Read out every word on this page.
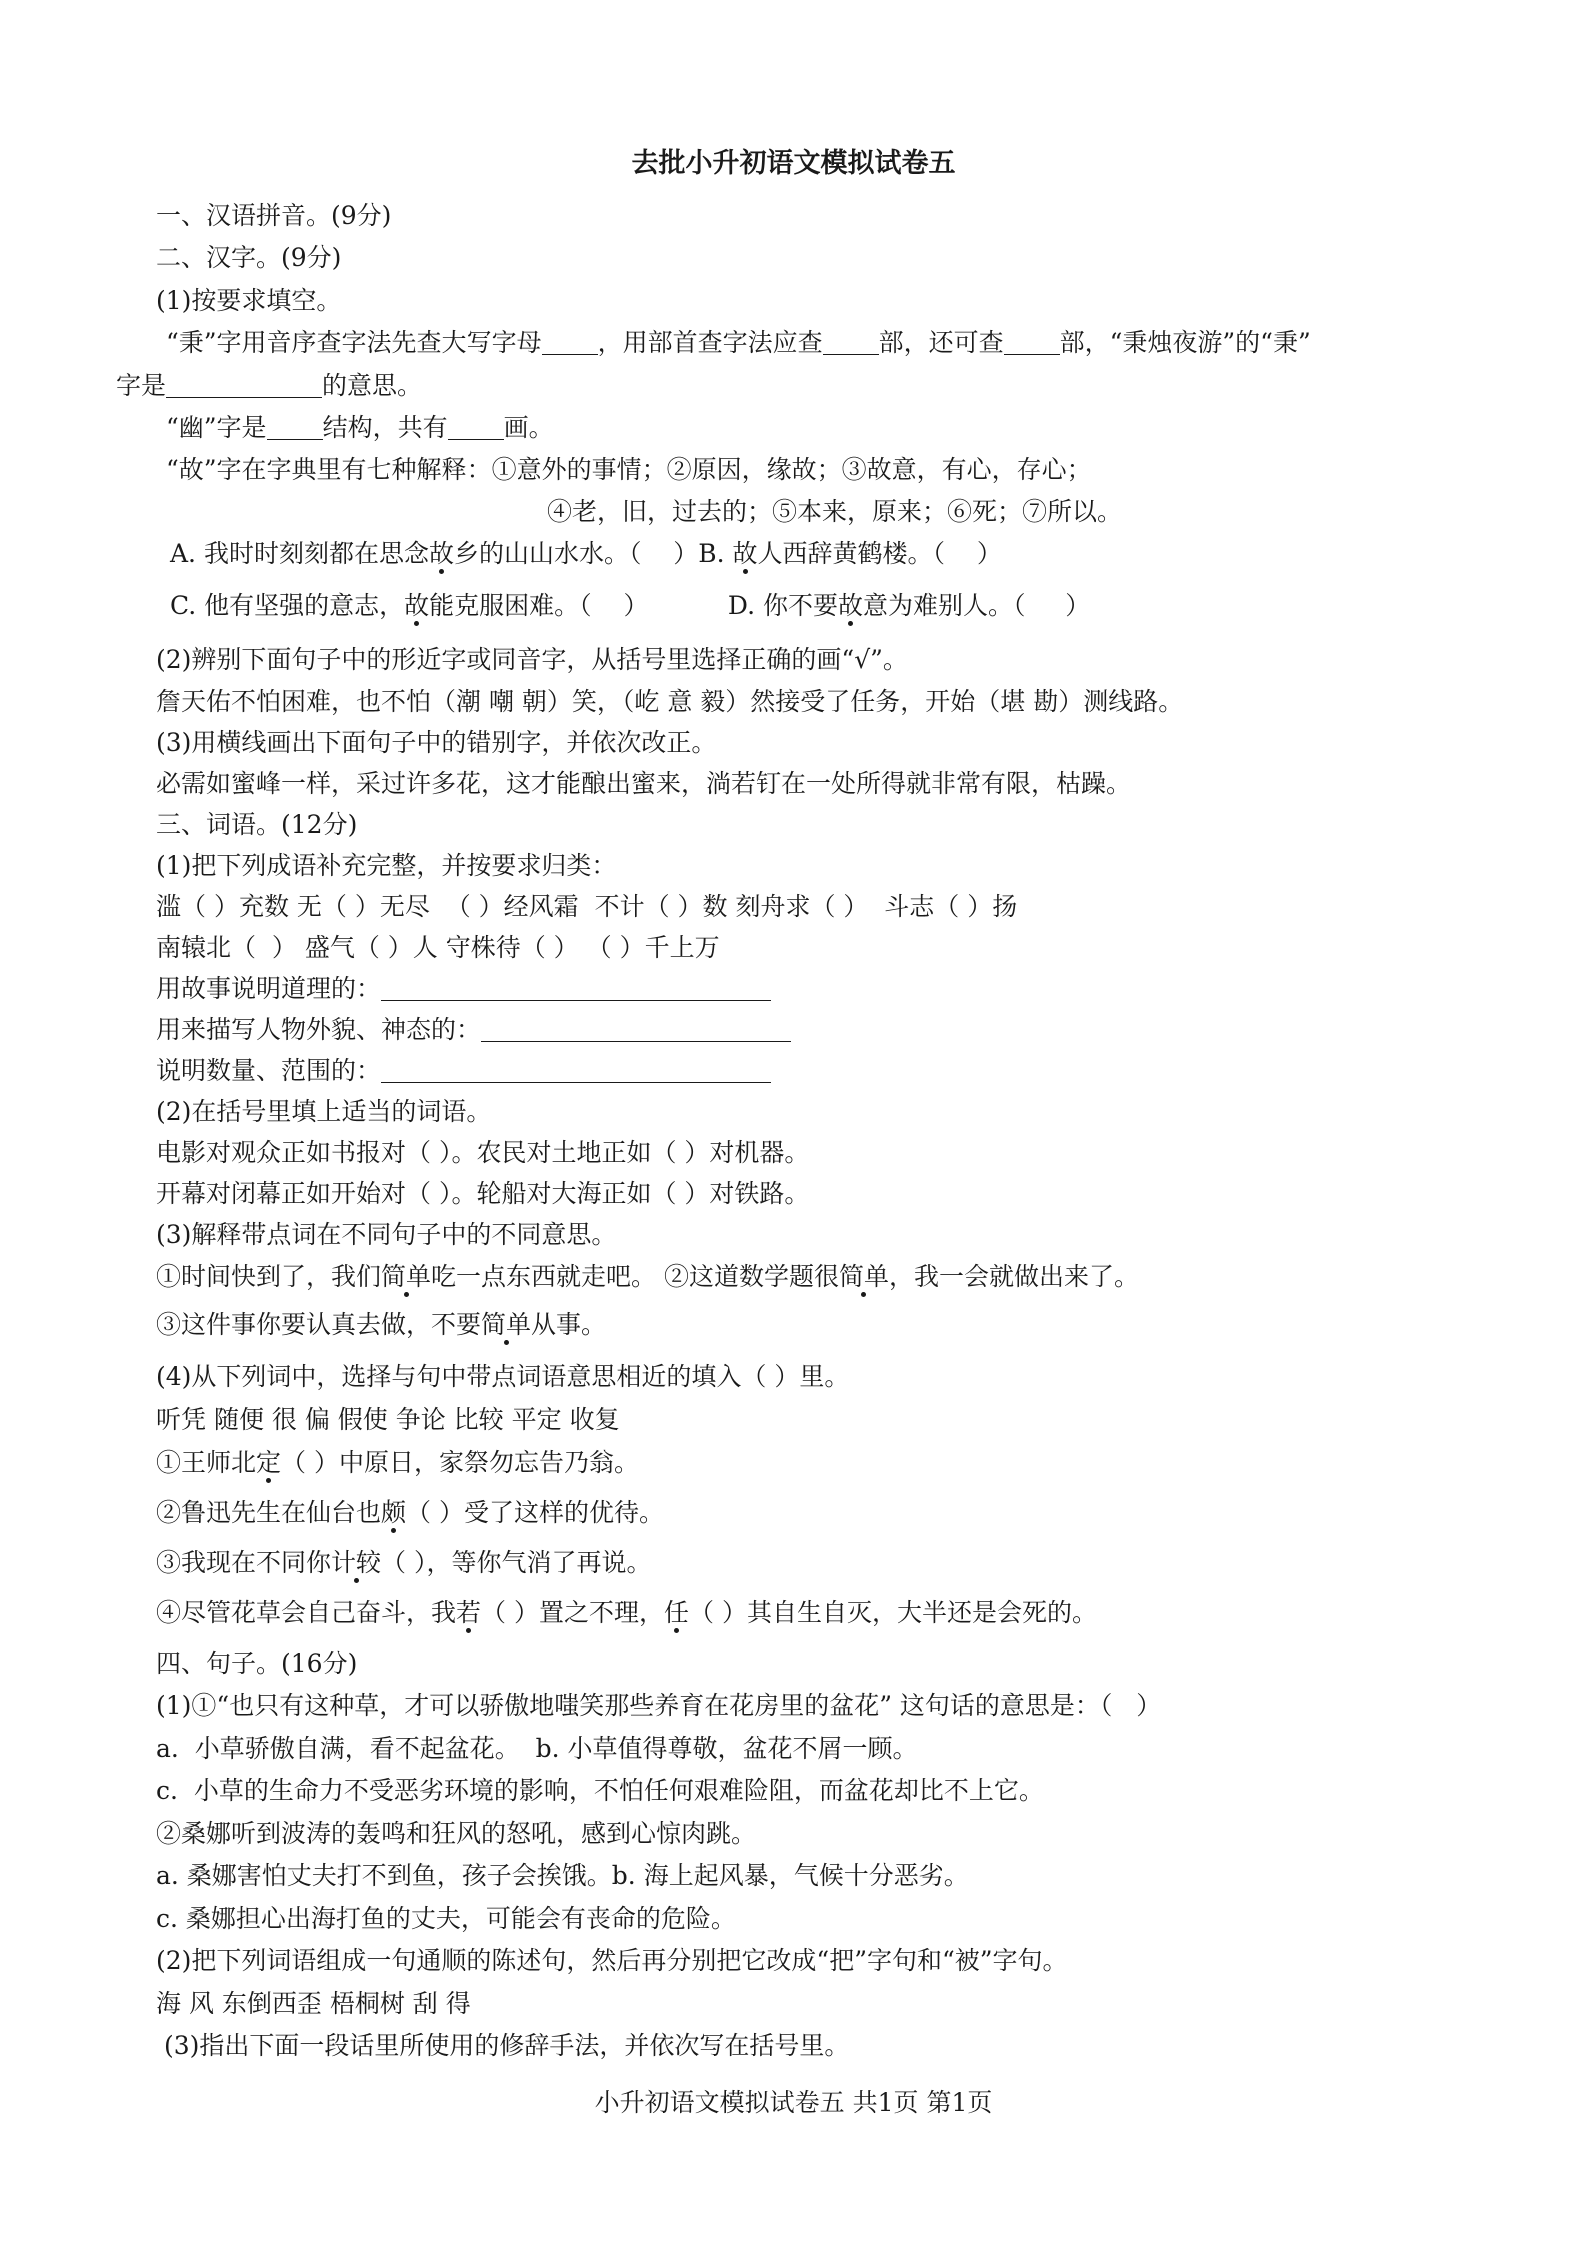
去批小升初语文模拟试卷五
一、汉语拼音。(9分)
二、汉字。(9分)
(1)按要求填空。
“秉”字用音序查字法先查大写字母 ，用部首查字法应查 部，还可查 部，“秉烛夜游”的“秉”
字是	的意思。
“幽”字是 结构，共有 画。
“故”字在字典里有七种解释：①意外的事情；②原因，缘故；③故意，有心，存心；
④老，旧，过去的；⑤本来，原来；⑥死；⑦所以。
A. 我时时刻刻都在思念故乡的山山水水。（    ）B. 故人西辞黄鹤楼。（    ）
C. 他有坚强的意志，故能克服困难。（    ）          D. 你不要故意为难别人。（     ）
(2)辨别下面句子中的形近字或同音字，从括号里选择正确的画“√”。
詹天佑不怕困难，也不怕（潮 嘲 朝）笑，（屹 意 毅）然接受了任务，开始（堪 勘）测线路。
(3)用横线画出下面句子中的错别字，并依次改正。
必需如蜜峰一样，采过许多花，这才能酿出蜜来，淌若钉在一处所得就非常有限，枯躁。
三、词语。(12分)
(1)把下列成语补充完整，并按要求归类：
滥（ ）充数 无（ ）无尽  （ ）经风霜  不计（ ）数 刻舟求（ ）  斗志（ ）扬
南辕北（  ） 盛气（ ）人 守株待（ ） （ ）千上万
用故事说明道理的：
用来描写人物外貌、神态的：
说明数量、范围的：
(2)在括号里填上适当的词语。
电影对观众正如书报对（ ）。农民对土地正如（ ）对机器。
开幕对闭幕正如开始对（ ）。轮船对大海正如（ ）对铁路。
(3)解释带点词在不同句子中的不同意思。
①时间快到了，我们简单吃一点东西就走吧。 ②这道数学题很简单，我一会就做出来了。
③这件事你要认真去做，不要简单从事。
(4)从下列词中，选择与句中带点词语意思相近的填入（ ）里。
听凭 随便 很 偏 假使 争论 比较 平定 收复
①王师北定（ ）中原日，家祭勿忘告乃翁。
②鲁迅先生在仙台也颇（ ）受了这样的优待。
③我现在不同你计较（ ），等你气消了再说。
④尽管花草会自己奋斗，我若（ ）置之不理，任（ ）其自生自灭，大半还是会死的。
四、句子。(16分)
(1)①“也只有这种草，才可以骄傲地嗤笑那些养育在花房里的盆花” 这句话的意思是：（   ）
a.  小草骄傲自满，看不起盆花。  b. 小草值得尊敬，盆花不屑一顾。
c.  小草的生命力不受恶劣环境的影响，不怕任何艰难险阻，而盆花却比不上它。
②桑娜听到波涛的轰鸣和狂风的怒吼，感到心惊肉跳。
a. 桑娜害怕丈夫打不到鱼，孩子会挨饿。b. 海上起风暴，气候十分恶劣。
c. 桑娜担心出海打鱼的丈夫，可能会有丧命的危险。
(2)把下列词语组成一句通顺的陈述句，然后再分别把它改成“把”字句和“被”字句。
海 风 东倒西歪 梧桐树 刮 得
(3)指出下面一段话里所使用的修辞手法，并依次写在括号里。
小升初语文模拟试卷五 共1页 第1页
